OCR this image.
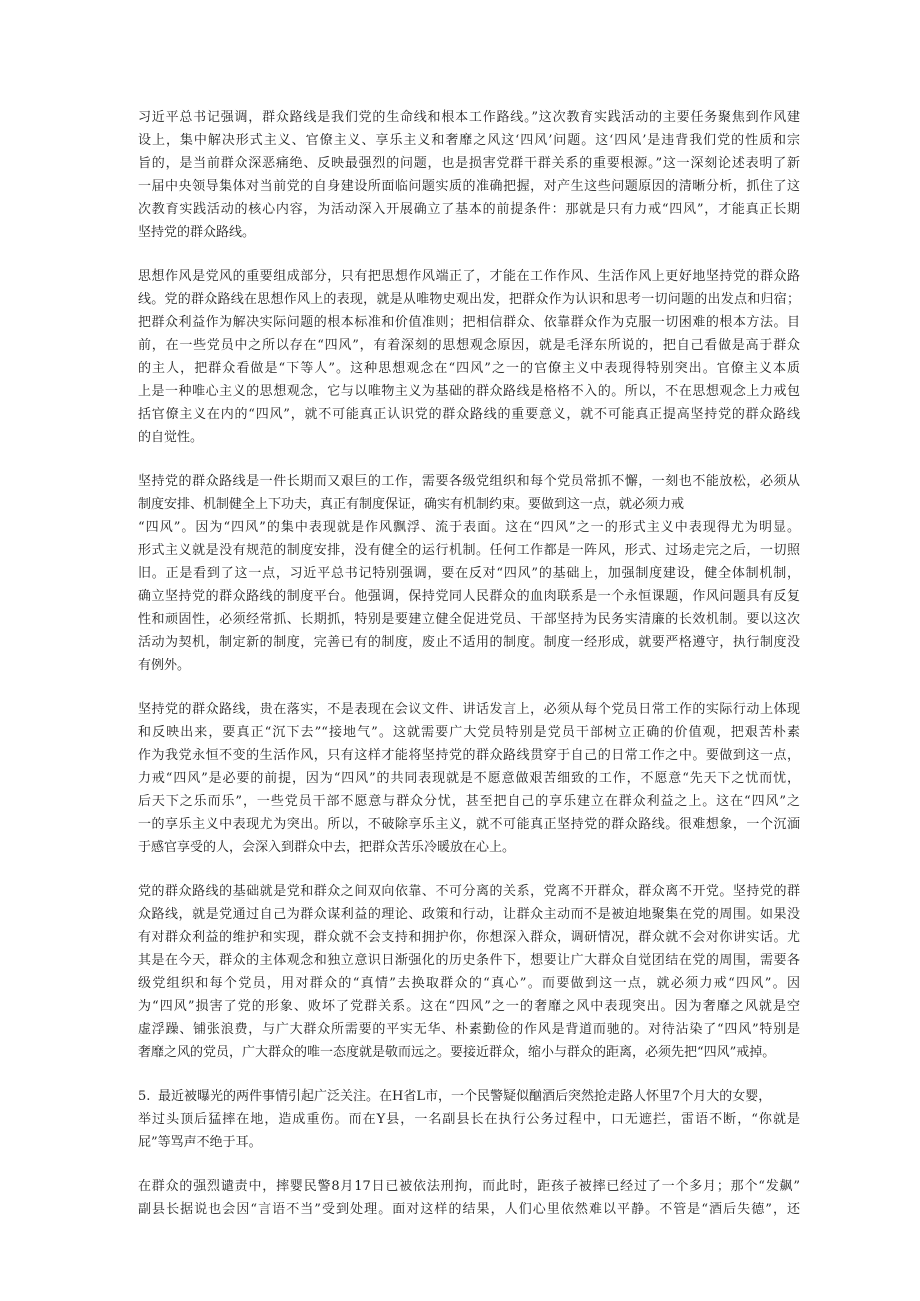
习近平总书记强调，群众路线是我们党的生命线和根本工作路线。”这次教育实践活动的主要任务聚焦到作风建
设上，集中解决形式主义、官僚主义、享乐主义和奢靡之风这‘四风’问题。这‘四风’是违背我们党的性质和宗
旨的，是当前群众深恶痛绝、反映最强烈的问题，也是损害党群干群关系的重要根源。”这一深刻论述表明了新
一届中央领导集体对当前党的自身建设所面临问题实质的准确把握，对产生这些问题原因的清晰分析，抓住了这
次教育实践活动的核心内容，为活动深入开展确立了基本的前提条件：那就是只有力戒“四风”，才能真正长期
坚持党的群众路线。
思想作风是党风的重要组成部分，只有把思想作风端正了，才能在工作作风、生活作风上更好地坚持党的群众路
线。党的群众路线在思想作风上的表现，就是从唯物史观出发，把群众作为认识和思考一切问题的出发点和归宿；
把群众利益作为解决实际问题的根本标准和价值准则；把相信群众、依靠群众作为克服一切困难的根本方法。目
前，在一些党员中之所以存在“四风”，有着深刻的思想观念原因，就是毛泽东所说的，把自己看做是高于群众
的主人，把群众看做是“下等人”。这种思想观念在“四风”之一的官僚主义中表现得特别突出。官僚主义本质
上是一种唯心主义的思想观念，它与以唯物主义为基础的群众路线是格格不入的。所以，不在思想观念上力戒包
括官僚主义在内的“四风”，就不可能真正认识党的群众路线的重要意义，就不可能真正提高坚持党的群众路线
的自觉性。
坚持党的群众路线是一件长期而又艰巨的工作，需要各级党组织和每个党员常抓不懈，一刻也不能放松，必须从
制度安排、机制健全上下功夫，真正有制度保证，确实有机制约束。要做到这一点，就必须力戒
“四风”。因为“四风”的集中表现就是作风飘浮、流于表面。这在“四风”之一的形式主义中表现得尤为明显。
形式主义就是没有规范的制度安排，没有健全的运行机制。任何工作都是一阵风，形式、过场走完之后，一切照
旧。正是看到了这一点，习近平总书记特别强调，要在反对“四风”的基础上，加强制度建设，健全体制机制，
确立坚持党的群众路线的制度平台。他强调，保持党同人民群众的血肉联系是一个永恒课题，作风问题具有反复
性和顽固性，必须经常抓、长期抓，特别是要建立健全促进党员、干部坚持为民务实清廉的长效机制。要以这次
活动为契机，制定新的制度，完善已有的制度，废止不适用的制度。制度一经形成，就要严格遵守，执行制度没
有例外。
坚持党的群众路线，贵在落实，不是表现在会议文件、讲话发言上，必须从每个党员日常工作的实际行动上体现
和反映出来，要真正“沉下去”“接地气”。这就需要广大党员特别是党员干部树立正确的价值观，把艰苦朴素
作为我党永恒不变的生活作风，只有这样才能将坚持党的群众路线贯穿于自己的日常工作之中。要做到这一点，
力戒“四风”是必要的前提，因为“四风”的共同表现就是不愿意做艰苦细致的工作，不愿意“先天下之忧而忧，
后天下之乐而乐”，一些党员干部不愿意与群众分忧，甚至把自己的享乐建立在群众利益之上。这在“四风”之
一的享乐主义中表现尤为突出。所以，不破除享乐主义，就不可能真正坚持党的群众路线。很难想象，一个沉湎
于感官享受的人，会深入到群众中去，把群众苦乐冷暖放在心上。
党的群众路线的基础就是党和群众之间双向依靠、不可分离的关系，党离不开群众，群众离不开党。坚持党的群
众路线，就是党通过自己为群众谋利益的理论、政策和行动，让群众主动而不是被迫地聚集在党的周围。如果没
有对群众利益的维护和实现，群众就不会支持和拥护你，你想深入群众，调研情况，群众就不会对你讲实话。尤
其是在今天，群众的主体观念和独立意识日渐强化的历史条件下，想要让广大群众自觉团结在党的周围，需要各
级党组织和每个党员，用对群众的“真情”去换取群众的“真心”。而要做到这一点，就必须力戒“四风”。因
为“四风”损害了党的形象、败坏了党群关系。这在“四风”之一的奢靡之风中表现突出。因为奢靡之风就是空
虚浮躁、铺张浪费，与广大群众所需要的平实无华、朴素勤俭的作风是背道而驰的。对待沾染了“四风”特别是
奢靡之风的党员，广大群众的唯一态度就是敬而远之。要接近群众，缩小与群众的距离，必须先把“四风”戒掉。
5. 最近被曝光的两件事情引起广泛关注。在H省L市，一个民警疑似酗酒后突然抢走路人怀里7个月大的女婴，
举过头顶后猛摔在地，造成重伤。而在Y县，一名副县长在执行公务过程中，口无遮拦，雷语不断，“你就是
屁”等骂声不绝于耳。
在群众的强烈谴责中，摔婴民警8月17日已被依法刑拘，而此时，距孩子被摔已经过了一个多月；那个“发飙”
副县长据说也会因“言语不当”受到处理。面对这样的结果，人们心里依然难以平静。不管是“酒后失德”，还
